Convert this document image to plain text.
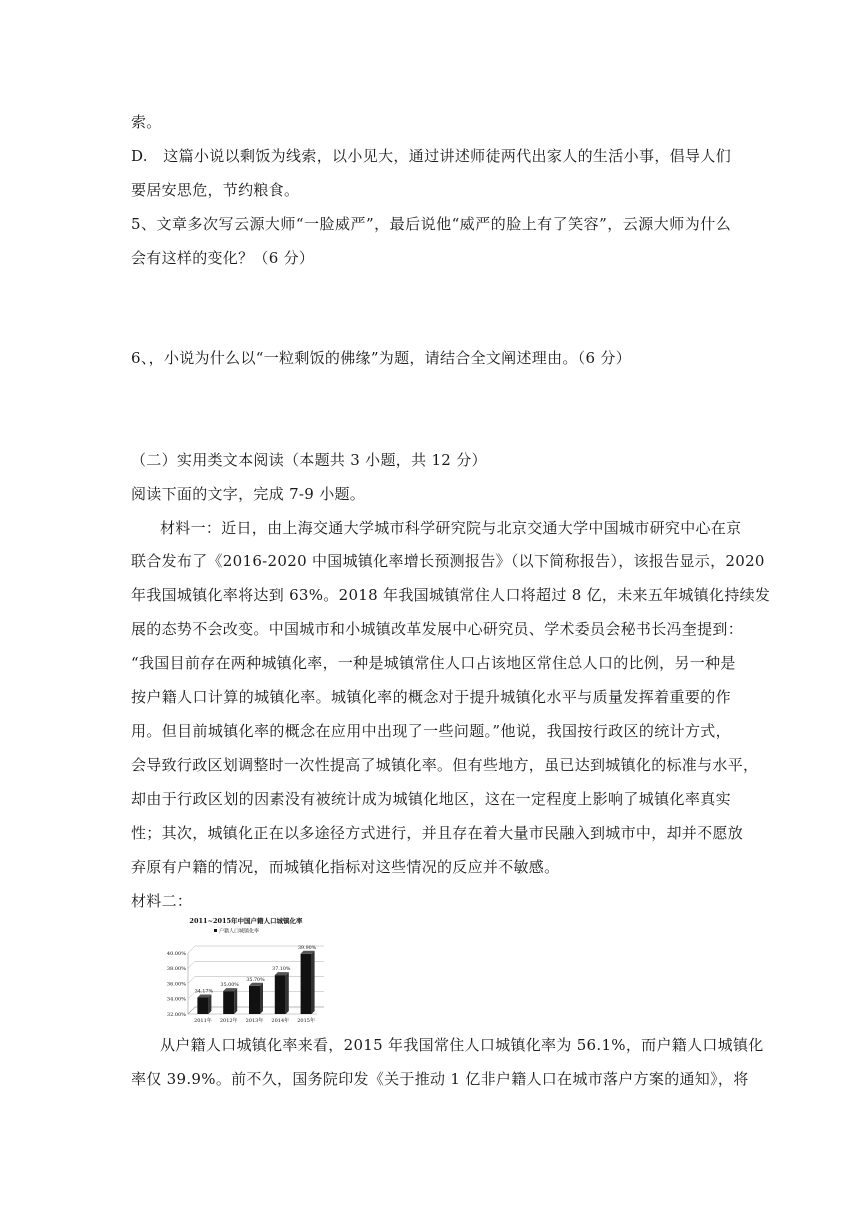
索。
D.　这篇小说以剩饭为线索，以小见大，通过讲述师徒两代出家人的生活小事，倡导人们
要居安思危，节约粮食。
5、文章多次写云源大师“一脸威严”，最后说他“威严的脸上有了笑容”，云源大师为什么
会有这样的变化？（6 分）
6、，小说为什么以“一粒剩饭的佛缘”为题，请结合全文阐述理由。（6 分）
（二）实用类文本阅读（本题共 3 小题，共 12 分）
阅读下面的文字，完成 7-9 小题。
材料一：近日，由上海交通大学城市科学研究院与北京交通大学中国城市研究中心在京
联合发布了《2016-2020 中国城镇化率增长预测报告》（以下简称报告），该报告显示，2020
年我国城镇化率将达到 63%。2018 年我国城镇常住人口将超过 8 亿，未来五年城镇化持续发
展的态势不会改变。中国城市和小城镇改革发展中心研究员、学术委员会秘书长冯奎提到：
“我国目前存在两种城镇化率，一种是城镇常住人口占该地区常住总人口的比例，另一种是
按户籍人口计算的城镇化率。城镇化率的概念对于提升城镇化水平与质量发挥着重要的作
用。但目前城镇化率的概念在应用中出现了一些问题。”他说，我国按行政区的统计方式，
会导致行政区划调整时一次性提高了城镇化率。但有些地方，虽已达到城镇化的标准与水平，
却由于行政区划的因素没有被统计成为城镇化地区，这在一定程度上影响了城镇化率真实
性；其次，城镇化正在以多途径方式进行，并且存在着大量市民融入到城市中，却并不愿放
弃原有户籍的情况，而城镇化指标对这些情况的反应并不敏感。
材料二：
2011~2015年中国户籍人口城镇化率
户籍人口城镇化率
40.00%
38.00%
36.00%
34.00%
32.00%
34.17%
2011年
35.00%
2012年
35.70%
2013年
37.10%
2014年
39.90%
2015年
从户籍人口城镇化率来看，2015 年我国常住人口城镇化率为 56.1%，而户籍人口城镇化
率仅 39.9%。前不久，国务院印发《关于推动 1 亿非户籍人口在城市落户方案的通知》，将
